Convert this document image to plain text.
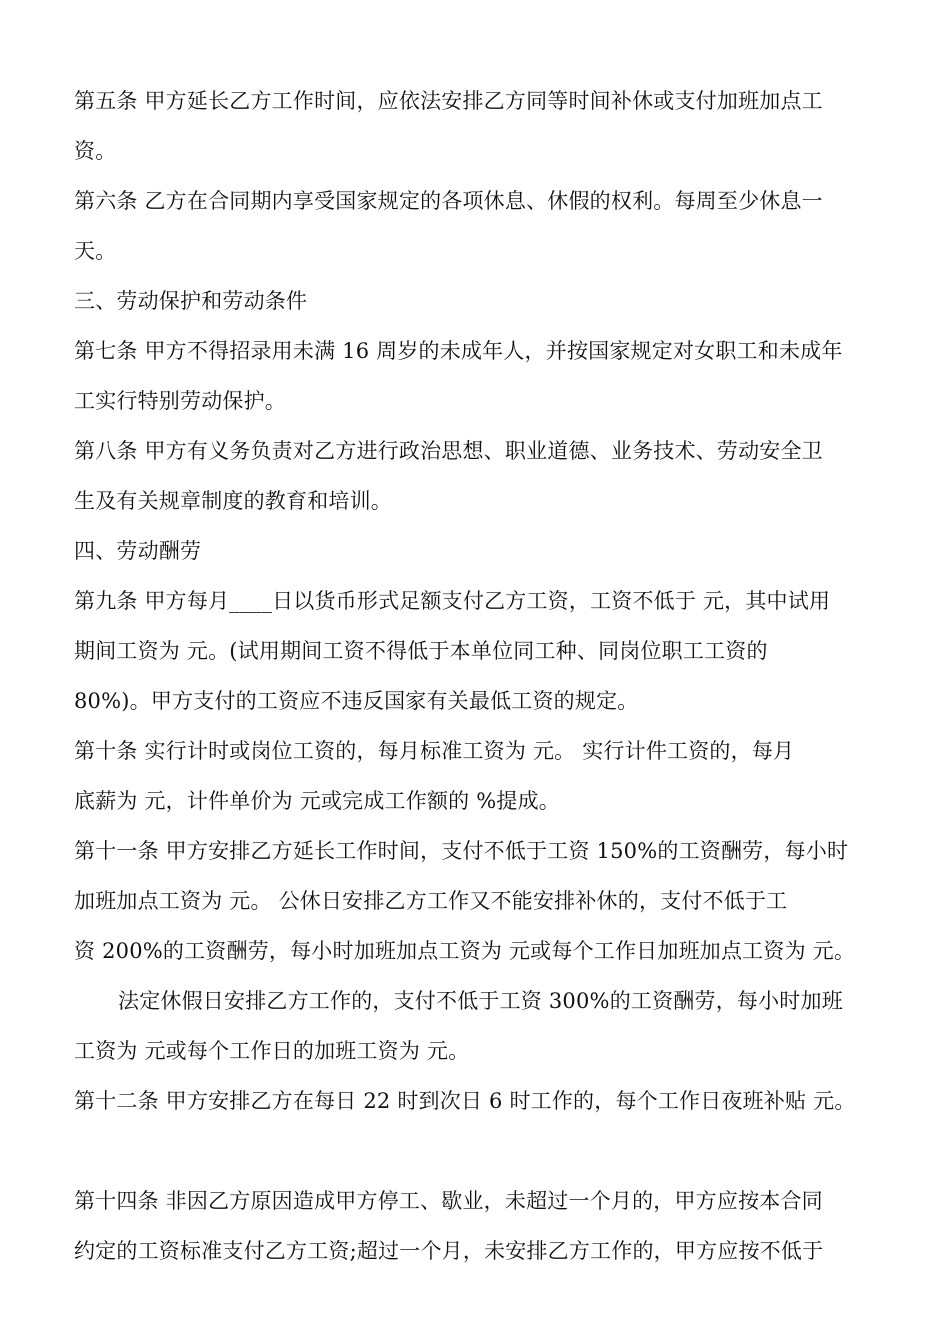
第五条 甲方延长乙方工作时间，应依法安排乙方同等时间补休或支付加班加点工
资。
第六条 乙方在合同期内享受国家规定的各项休息、休假的权利。每周至少休息一
天。
三、劳动保护和劳动条件
第七条 甲方不得招录用未满 16 周岁的未成年人，并按国家规定对女职工和未成年
工实行特别劳动保护。
第八条 甲方有义务负责对乙方进行政治思想、职业道德、业务技术、劳动安全卫
生及有关规章制度的教育和培训。
四、劳动酬劳
第九条 甲方每月____日以货币形式足额支付乙方工资，工资不低于 元，其中试用
期间工资为 元。(试用期间工资不得低于本单位同工种、同岗位职工工资的
80%)。甲方支付的工资应不违反国家有关最低工资的规定。
第十条 实行计时或岗位工资的，每月标准工资为 元。 实行计件工资的，每月
底薪为 元，计件单价为 元或完成工作额的 %提成。
第十一条 甲方安排乙方延长工作时间，支付不低于工资 150%的工资酬劳，每小时
加班加点工资为 元。 公休日安排乙方工作又不能安排补休的，支付不低于工
资 200%的工资酬劳，每小时加班加点工资为 元或每个工作日加班加点工资为 元。
法定休假日安排乙方工作的，支付不低于工资 300%的工资酬劳，每小时加班
工资为 元或每个工作日的加班工资为 元。
第十二条 甲方安排乙方在每日 22 时到次日 6 时工作的，每个工作日夜班补贴 元。
第十四条 非因乙方原因造成甲方停工、歇业，未超过一个月的，甲方应按本合同
约定的工资标准支付乙方工资;超过一个月，未安排乙方工作的，甲方应按不低于
